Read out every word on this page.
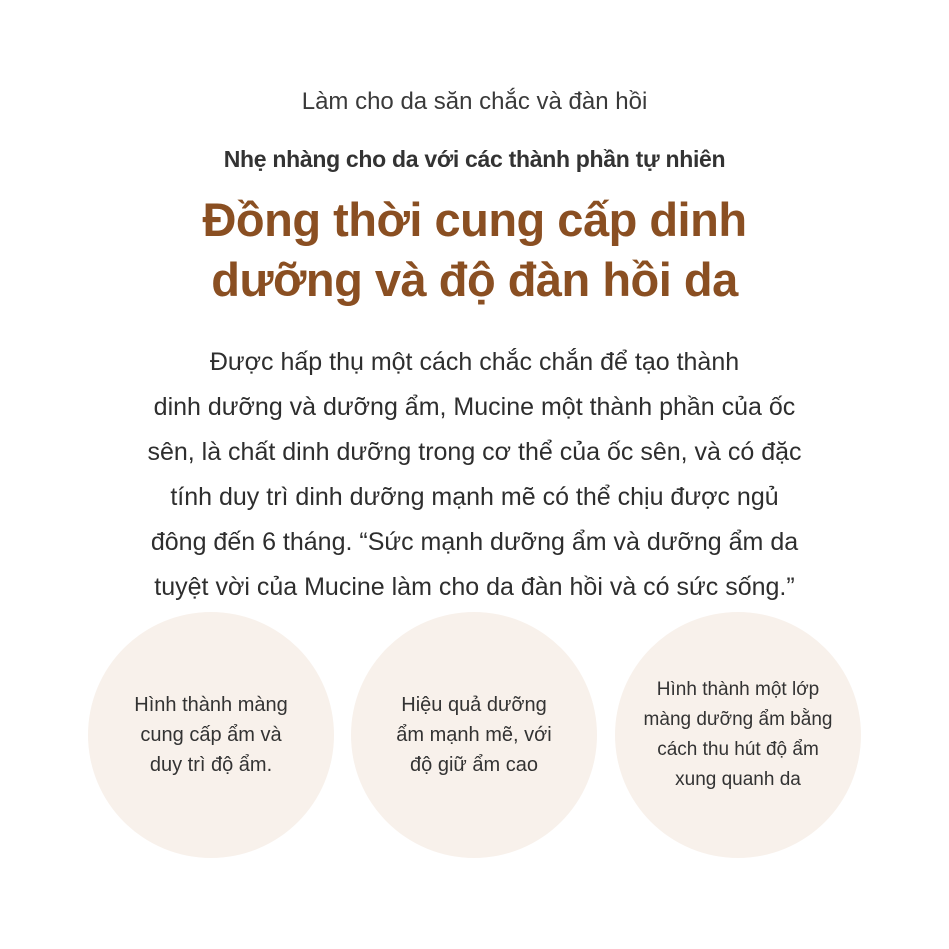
Làm cho da săn chắc và đàn hồi
Nhẹ nhàng cho da với các thành phần tự nhiên
Đồng thời cung cấp dinh
dưỡng và độ đàn hồi da
Được hấp thụ một cách chắc chắn để tạo thành
dinh dưỡng và dưỡng ẩm, Mucine một thành phần của ốc
sên, là chất dinh dưỡng trong cơ thể của ốc sên, và có đặc
tính duy trì dinh dưỡng mạnh mẽ có thể chịu được ngủ
đông đến 6 tháng. “Sức mạnh dưỡng ẩm và dưỡng ẩm da
tuyệt vời của Mucine làm cho da đàn hồi và có sức sống.”
Hình thành màng
cung cấp ẩm và
duy trì độ ẩm.
Hiệu quả dưỡng
ẩm mạnh mẽ, với
độ giữ ẩm cao
Hình thành một lớp
màng dưỡng ẩm bằng
cách thu hút độ ẩm
xung quanh da
